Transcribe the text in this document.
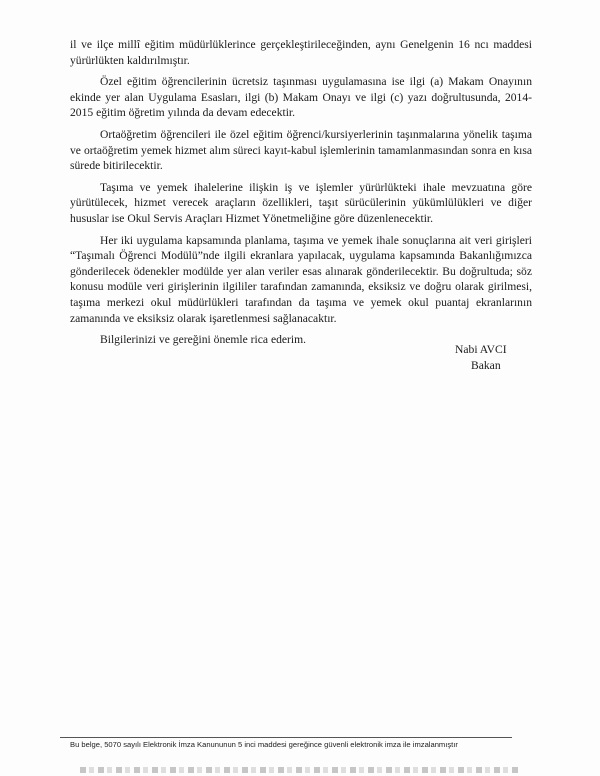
il ve ilçe millî eğitim müdürlüklerince gerçekleştirileceğinden, aynı Genelgenin 16 ncı maddesi yürürlükten kaldırılmıştır.

Özel eğitim öğrencilerinin ücretsiz taşınması uygulamasına ise ilgi (a) Makam Onayının ekinde yer alan Uygulama Esasları, ilgi (b) Makam Onayı ve ilgi (c) yazı doğrultusunda, 2014-2015 eğitim öğretim yılında da devam edecektir.

Ortaöğretim öğrencileri ile özel eğitim öğrenci/kursiyerlerinin taşınmalarına yönelik taşıma ve ortaöğretim yemek hizmet alım süreci kayıt-kabul işlemlerinin tamamlanmasından sonra en kısa sürede bitirilecektir.

Taşıma ve yemek ihalelerine ilişkin iş ve işlemler yürürlükteki ihale mevzuatına göre yürütülecek, hizmet verecek araçların özellikleri, taşıt sürücülerinin yükümlülükleri ve diğer hususlar ise Okul Servis Araçları Hizmet Yönetmeliğine göre düzenlenecektir.

Her iki uygulama kapsamında planlama, taşıma ve yemek ihale sonuçlarına ait veri girişleri “Taşımalı Öğrenci Modülü”nde ilgili ekranlara yapılacak, uygulama kapsamında Bakanlığımızca gönderilecek ödenekler modülde yer alan veriler esas alınarak gönderilecektir. Bu doğrultuda; söz konusu modüle veri girişlerinin ilgililer tarafından zamanında, eksiksiz ve doğru olarak girilmesi, taşıma merkezi okul müdürlükleri tarafından da taşıma ve yemek okul puantaj ekranlarının zamanında ve eksiksiz olarak işaretlenmesi sağlanacaktır.

Bilgilerinizi ve gereğini önemle rica ederim.

Nabi AVCI
Bakan
Bu belge, 5070 sayılı Elektronik İmza Kanununun 5 inci maddesi gereğince güvenli elektronik imza ile imzalanmıştır
